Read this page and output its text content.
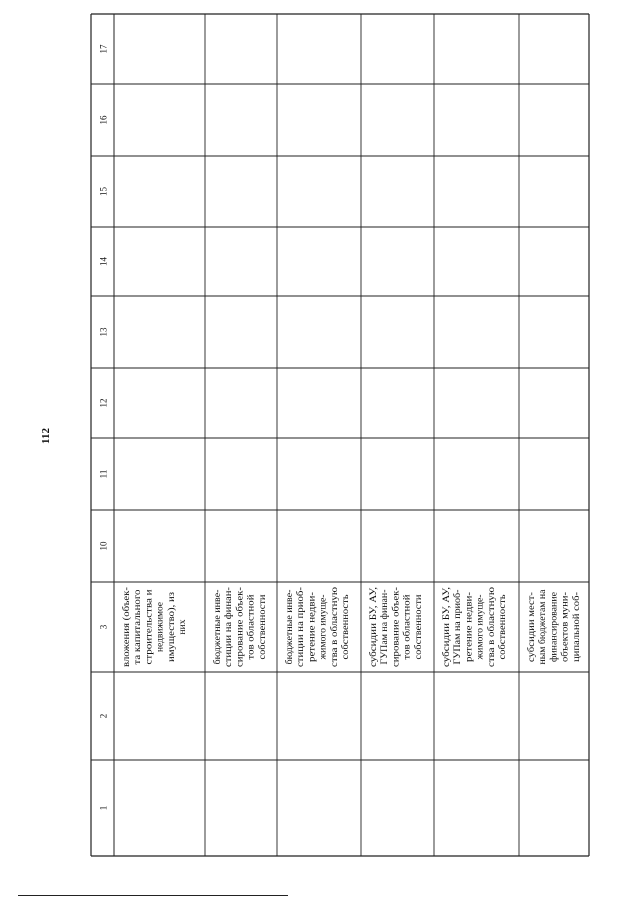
112
1
2
3
10
11
12
13
14
15
16
17
вложения (объек- та капитального строительства и недвижимое имущество), из них	бюджетные инве- стиции на финан- сирование объек- тов областной собственности бюджетные инве- стиции на приоб- ретение недви- жимого имуще- ства в областную собственность субсидии БУ, АУ, ГУПам на финан- сирование объек- тов областной собственности субсидии БУ, АУ, ГУПам на приоб- ретение недви- жимого имуще- ства в областную собственность субсидии мест- ным бюджетам на финансирование объектов муни- ципальной соб-
